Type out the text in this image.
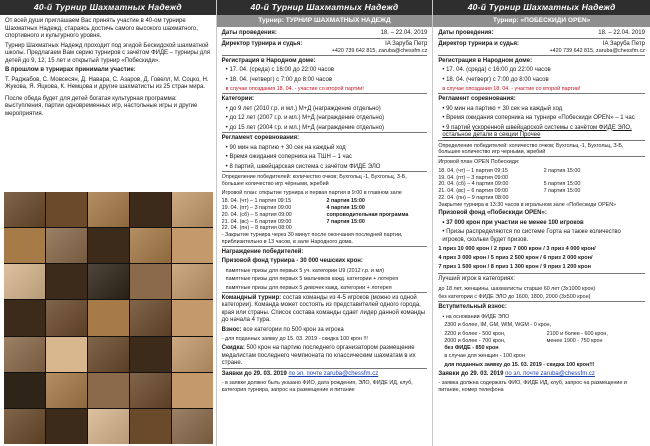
40-й Турнир Шахматных Надежд

От всей души приглашаем Вас принять участие в 40-ом турнире Шахматных Надежд, стараясь достичь самого высокого шахматного, спортивного и культурного уровня.

Турнир Шахматных Надежд проходит под эгидой Бескидской шахматной школы. Предлагаем Вам серию турниров с зачётом ФИДЕ – турниры для детей до 9, 12, 15 лет и открытый турнир «Побескиди».

В прошлом в турнирах принимали участие:

Т. Раджабов, С. Мовсесян, Д. Навара, С. Азаров, Д. Говелл, М. Соцко, Н. Жукова, Я. Яцкова, К. Немцова и другие шахматисты из 25 стран мира.

После обеда будет для детей богатая культурная программа: выступления, партии одновременных игр, настольные игры и другие мероприятия.

40-й Турнир Шахматных Надежд
Турнир: ТУРНИР ШАХМАТНЫХ НАДЕЖД
Даты проведения:	18. – 22.04. 2019
Директор турнира и судья:	IA Заруба Петр

+420 739 642 815, zaruba@chessfm.cz

Регистрация в Народном доме:

• 17. 04. (среда) с 16:00 до 22:00 часов

• 18. 04. (четверг) с 7:00 до 8:00 часов

в случае опоздания 18. 04. - участие со второй партии!

Категории:

• до 9 лет (2010 г.р. и мл.) М+Д (награждение отдельно)

• до 12 лет (2007 г.р. и мл.) М+Д (награждение отдельно)

• до 15 лет (2004 г.р. и мл.) М+Д (награждение отдельно)

Регламент соревнования:

• 90 мин на партию + 30 сек на каждый ход

• Время ожидания соперника на ТШН – 1 час

• 8 партий, швейцарская система с зачётом ФИДЕ ЭЛО

Определение победителей: количество очков; Бухгольц -1, Бухгольц, З-Б, большее количество игр чёрными, жребий

Игровой план: открытие турнира и первая партия в 9:00 в главном зале

18. 04. (чт) – 1 партия 09:15	2 партия 15:00
19. 04. (пт) – 3 партия 09:00	4 партия 15:00
20. 04. (сб) – 5 партия 09:00	сопроводительная программа
21. 04. (вс) – 6 партия 09:00	7 партия 15:00
22. 04. (пн) – 8 партия 08:00

- Закрытие турнира через 30 минут после окончания последней партии, приблизительно в 13 часов, в зале Народного дома.

Награждение победителей:

Призовой фонд турнира - 30 000 чешских крон:

памятные призы для первых 5 уч. категории U9 (2012 г.р. и мл)

памятные призы для первых 5 мальчиков кажд. категории + лотерея

памятные призы для первых 5 девочек кажд. категории + лотерея

Командный турнир: состав команды из 4-5 игроков (можно из одной категории). Команда может состоять из представителей одного города, края или страны. Список состава команды сдает лидер данной команды до начала 4 тура.

Взнос: все категории по 500 крон за игрока

- для поданных заявку до 15. 03. 2019 - скидка 100 крон !!!

Скидка: 500 крон на партию последнего организатором размещение медалистам последнего чемпионата по классическим шахматам в их стране.

Заявки до 29. 03. 2019 по эл. почте zaruba@chessfm.cz

- в заявке должно быть указано ФИО, дата рождения, ЭЛО, ФИДЕ ИД, клуб, категория турнира, запрос на размещение и питание

40-й Турнир Шахматных Надежд
Турнир: «ПОБЕСКИДИ OPEN»
Даты проведения:	18. – 22.04. 2019
Директор турнира и судья:	IA Заруба Петр

+420 739 642 815, zaruba@chessfm.cz

Регистрация в Народном доме:

• 17. 04. (среда) с 16:00 до 22:00 часов

• 18. 04. (четверг) с 7:00 до 8:00 часов

в случае опоздания 18. 04. - участие со второй партии!

Регламент соревнования:

• 90 мин на партию + 30 сек на каждый ход

• Время ожидания соперника на турнире «Побескиди OPEN» – 1 час

• 9 партий ускоренной швейцарской системы с зачётом ФИДЕ ЭЛО, остальное детали в секции Прочее

Определение победителей: количество очков; Бухгольц -1, Бухгольц, З-Б, большее количество игр черными, жребий

Игровой план OPEN Побескиди:

18. 04. (чт) – 1 партия 09:15	2 партия 15:00
19. 04. (пт) – 3 партия 09:00
20. 04. (сб) – 4 партия 09:00	5 партия 15:00
21. 04. (вс) – 6 партия 09:00	7 партия 15:00
22. 04. (пн) – 9 партия 08:00

Закрытие турнира в 13:30 часов в игральном зале «Побескиди OPEN»

Призовой фонд «Побескиди OPEN»:

• 37 000 крон при участии не менее 100 игроков

• Призы распределяются по системе Горта на также количество игроков, скольки будет призов.

1 приз 10 000 крон / 2 приз 7 000 крон / 3 приз 4 000 крон/

4 приз 3 000 крон / 5 приз 2 500 крон / 6 приз 2 000 крон/

7 приз 1 500 крон / 8 приз 1 300 крон / 9 приз 1 200 крон

Лучший игрок в категориях:

до 18 лет, женщины, шахматисты старше 60 лет (3x1000 крон)

без категории с ФИДЕ ЭЛО до 1600, 1800, 2000 (3x500 крон)

Вступительный взнос:

• на основании ФИДЕ ЭЛО

2300 и более, IM, GM, WIM, WGM - 0 крон,

2200 и более - 500 крон,	2100 и более - 600 крон,
2000 и более - 700 крон,	менее 1900 - 750 крон

без ФИДЕ - 850 крон

в случае для женщин - 100 крон

для поданных заявку до 15. 03. 2019 - скидка 100 крон!!!

Заявки до 29. 03. 2019 по эл. почте zaruba@chessfm.cz

- заявка должна содержать ФИО, ФИДЕ ИД, клуб, запрос на размещение и питание, номер телефона
